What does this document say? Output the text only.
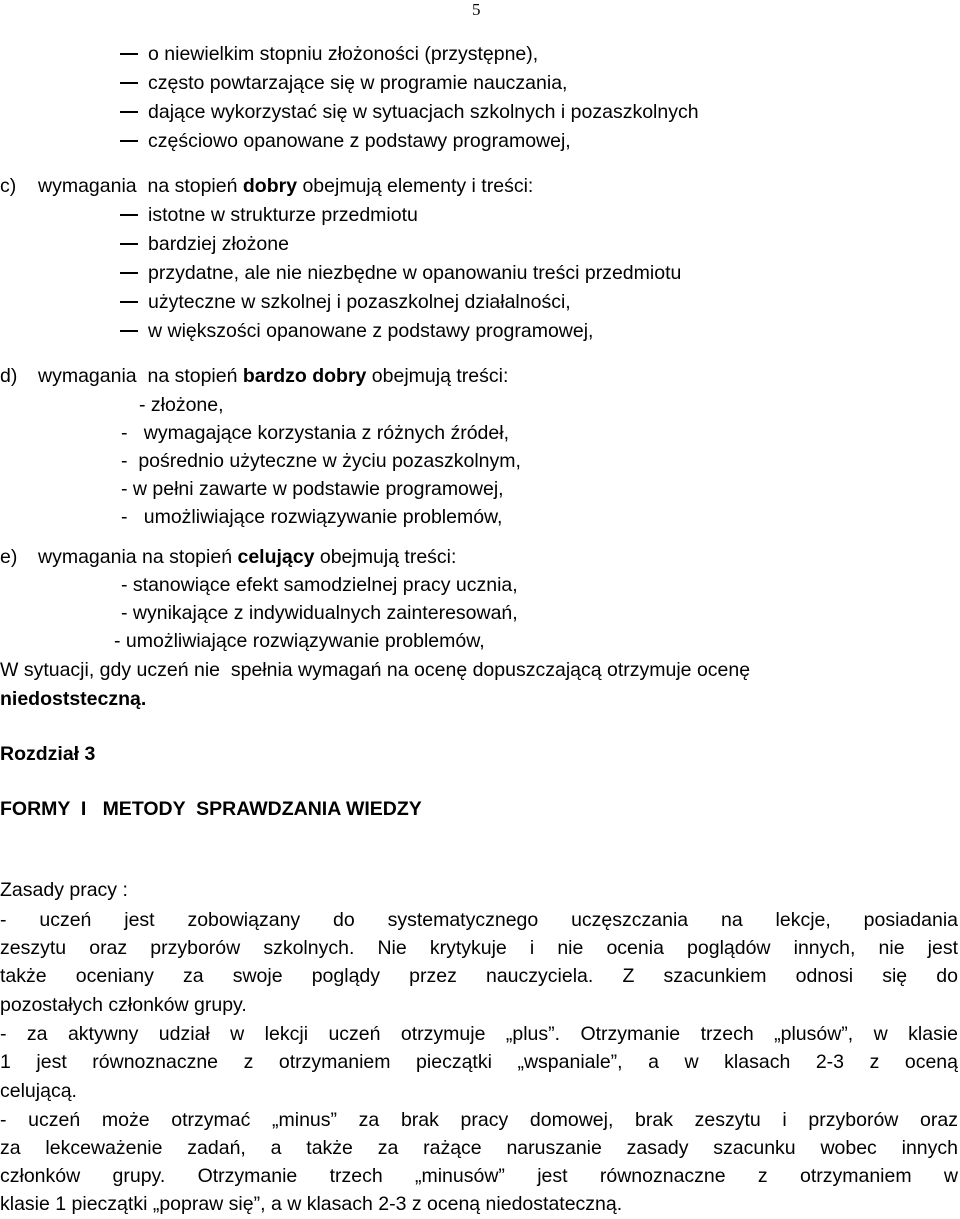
5
o niewielkim stopniu złożoności (przystępne),
często powtarzające się w programie nauczania,
dające wykorzystać się w sytuacjach szkolnych i pozaszkolnych
częściowo opanowane z podstawy programowej,
c) wymagania  na stopień dobry obejmują elementy i treści:
istotne w strukturze przedmiotu
bardziej złożone
przydatne, ale nie niezbędne w opanowaniu treści przedmiotu
użyteczne w szkolnej i pozaszkolnej działalności,
w większości opanowane z podstawy programowej,
d) wymagania  na stopień bardzo dobry obejmują treści:
- złożone,
-   wymagające korzystania z różnych źródeł,
-  pośrednio użyteczne w życiu pozaszkolnym,
- w pełni zawarte w podstawie programowej,
-   umożliwiające rozwiązywanie problemów,
e) wymagania na stopień celujący obejmują treści:
- stanowiące efekt samodzielnej pracy ucznia,
- wynikające z indywidualnych zainteresowań,
- umożliwiające rozwiązywanie problemów,
W sytuacji, gdy uczeń nie  spełnia wymagań na ocenę dopuszczającą otrzymuje ocenę
niedoststeczną.
Rozdział 3
FORMY  I   METODY  SPRAWDZANIA WIEDZY
Zasady pracy :
- uczeń jest zobowiązany do systematycznego uczęszczania na lekcje, posiadania
zeszytu oraz przyborów szkolnych. Nie krytykuje i nie ocenia poglądów innych, nie jest
także oceniany za swoje poglądy przez nauczyciela. Z szacunkiem odnosi się do
pozostałych członków grupy.
- za aktywny udział w lekcji uczeń otrzymuje „plus”. Otrzymanie trzech „plusów”, w klasie
1 jest równoznaczne z otrzymaniem pieczątki „wspaniale”, a w klasach 2-3 z oceną
celującą.
- uczeń może otrzymać „minus” za brak pracy domowej, brak zeszytu i przyborów oraz
za lekceważenie zadań, a także za rażące naruszanie zasady szacunku wobec innych
członków grupy. Otrzymanie trzech „minusów” jest równoznaczne z otrzymaniem w
klasie 1 pieczątki „popraw się”, a w klasach 2-3 z oceną niedostateczną.
